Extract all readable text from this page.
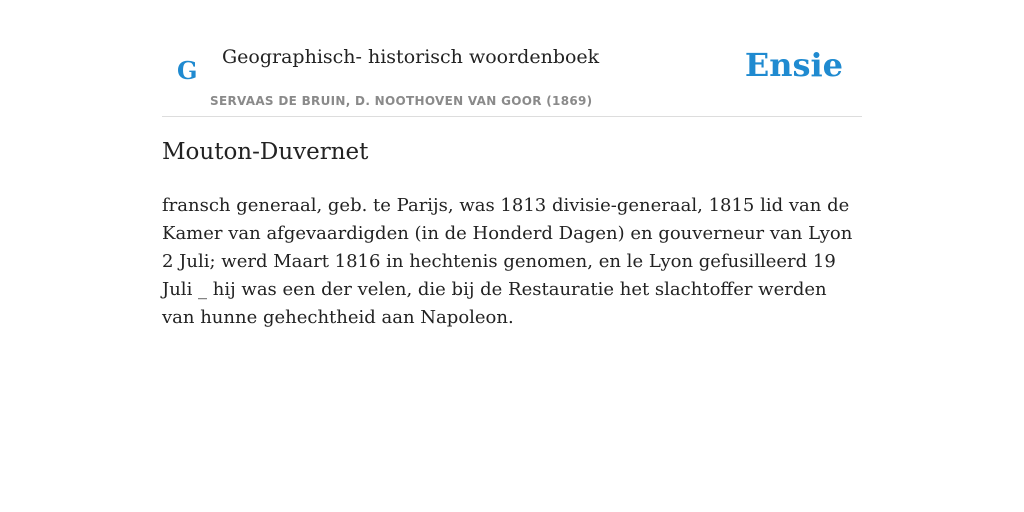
G Geographisch- historisch woordenboek
SERVAAS DE BRUIN, D. NOOTHOVEN VAN GOOR (1869)
Ensie
Mouton-Duvernet

fransch generaal, geb. te Parijs, was 1813 divisie-generaal, 1815 lid van de Kamer van afgevaardigden (in de Honderd Dagen) en gouverneur van Lyon 2 Juli; werd Maart 1816 in hechtenis genomen, en le Lyon gefusilleerd 19 Juli _ hij was een der velen, die bij de Restauratie het slachtoffer werden van hunne gehechtheid aan Napoleon.
